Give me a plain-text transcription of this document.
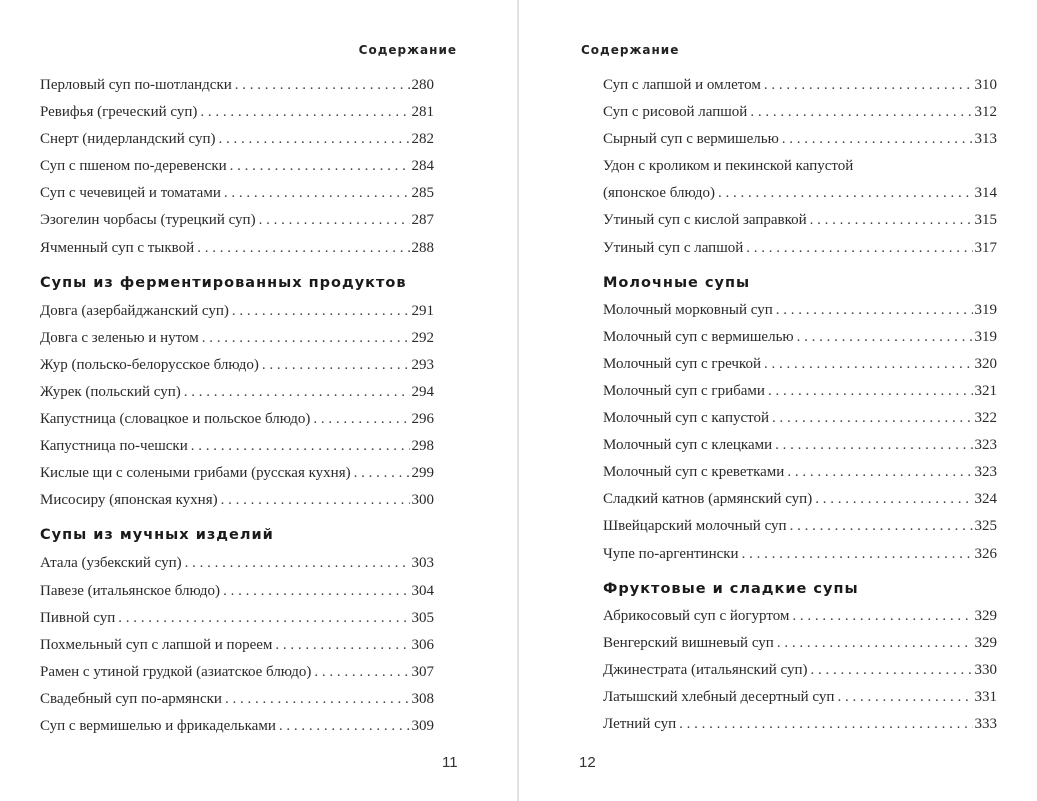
Содержание
Перловый суп по-шотландски . . .	280
Ревифья (греческий суп) . . .	281
Снерт (нидерландский суп) . . .	282
Суп с пшеном по-деревенски . . .	284
Суп с чечевицей и томатами . . .	285
Эзогелин чорбасы (турецкий суп) . . .	287
Ячменный суп с тыквой . . .	288
Супы из ферментированных продуктов
Довга (азербайджанский суп) . . .	291
Довга с зеленью и нутом . . .	292
Жур (польско-белорусское блюдо) . . .	293
Журек (польский суп) . . .	294
Капустница (словацкое и польское блюдо) . . .	296
Капустница по-чешски . . .	298
Кислые щи с солеными грибами (русская кухня) . . .	299
Мисосиру (японская кухня) . . .	300
Супы из мучных изделий
Атала (узбекский суп) . . .	303
Павезе (итальянское блюдо) . . .	304
Пивной суп . . .	305
Похмельный суп с лапшой и пореем . . .	306
Рамен с утиной грудкой (азиатское блюдо) . . .	307
Свадебный суп по-армянски . . .	308
Суп с вермишелью и фрикадельками . . .	309
11
Содержание
Суп с лапшой и омлетом . . .	310
Суп с рисовой лапшой . . .	312
Сырный суп с вермишелью . . .	313
Удон с кроликом и пекинской капустой
(японское блюдо) . . .	314
Утиный суп с кислой заправкой . . .	315
Утиный суп с лапшой . . .	317
Молочные супы
Молочный морковный суп . . .	319
Молочный суп с вермишелью . . .	319
Молочный суп с гречкой . . .	320
Молочный суп с грибами . . .	321
Молочный суп с капустой . . .	322
Молочный суп с клецками . . .	323
Молочный суп с креветками . . .	323
Сладкий катнов (армянский суп) . . .	324
Швейцарский молочный суп . . .	325
Чупе по-аргентински . . .	326
Фруктовые и сладкие супы
Абрикосовый суп с йогуртом . . .	329
Венгерский вишневый суп . . .	329
Джинестрата (итальянский суп) . . .	330
Латышский хлебный десертный суп . . .	331
Летний суп . . .	333
12
